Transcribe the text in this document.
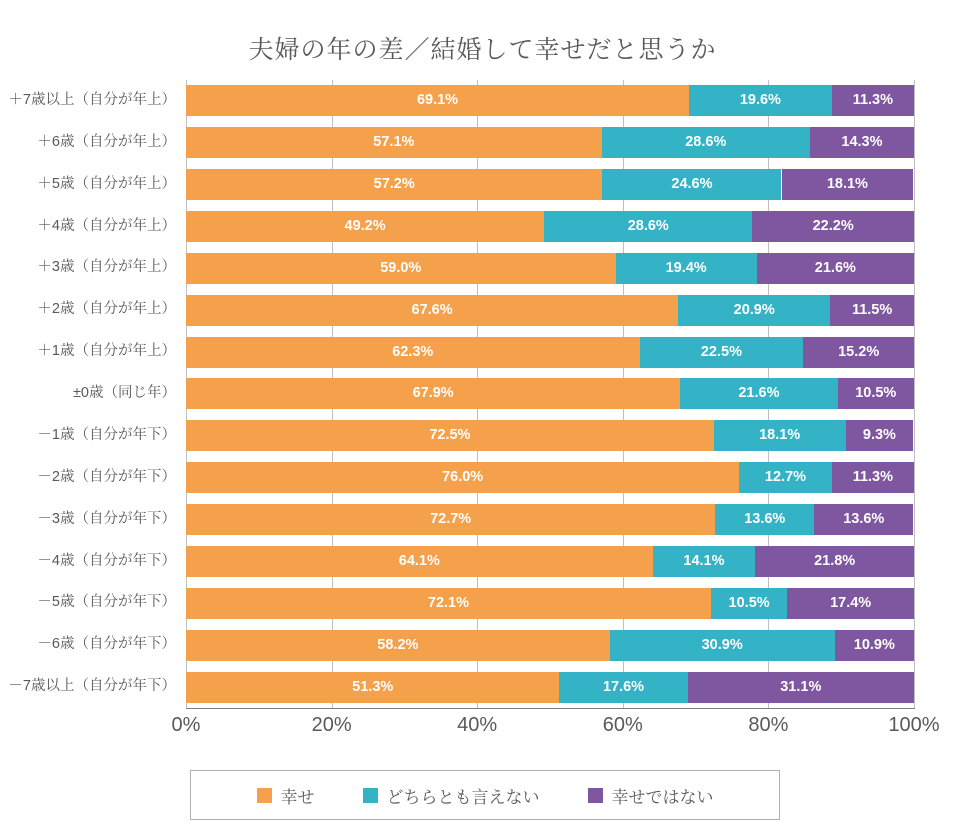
夫婦の年の差／結婚して幸せだと思うか
＋7歳以上（自分が年上）	69.1%	19.6%	11.3%
＋6歳（自分が年上）	57.1%	28.6%	14.3%
＋5歳（自分が年上）	57.2%	24.6%	18.1%
＋4歳（自分が年上）	49.2%	28.6%	22.2%
＋3歳（自分が年上）	59.0%	19.4%	21.6%
＋2歳（自分が年上）	67.6%	20.9%	11.5%
＋1歳（自分が年上）	62.3%	22.5%	15.2%
±0歳（同じ年）	67.9%	21.6%	10.5%
－1歳（自分が年下）	72.5%	18.1%	9.3%
－2歳（自分が年下）	76.0%	12.7%	11.3%
－3歳（自分が年下）	72.7%	13.6%	13.6%
－4歳（自分が年下）	64.1%	14.1%	21.8%
－5歳（自分が年下）	72.1%	10.5%	17.4%
－6歳（自分が年下）	58.2%	30.9%	10.9%
－7歳以上（自分が年下）	51.3%	17.6%	31.1%
0%	20%	40%	60%	80%	100%
幸せ	どちらとも言えない	幸せではない
